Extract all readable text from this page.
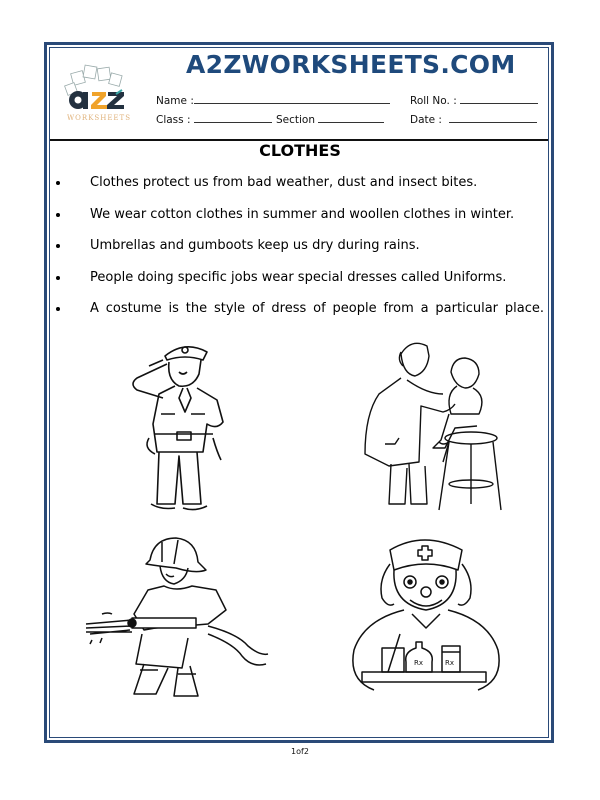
WORKSHEETS
A2ZWORKSHEETS.COM
Name :	Roll No. :
Class :	Section	Date :
CLOTHES
Clothes protect us from bad weather, dust and insect bites.
We wear cotton clothes in summer and woollen clothes in winter.
Umbrellas and gumboots keep us dry during rains.
People doing specific jobs wear special dresses called Uniforms.
A costume is the style of dress of people from a particular place.
Rx	Rx
1of2
